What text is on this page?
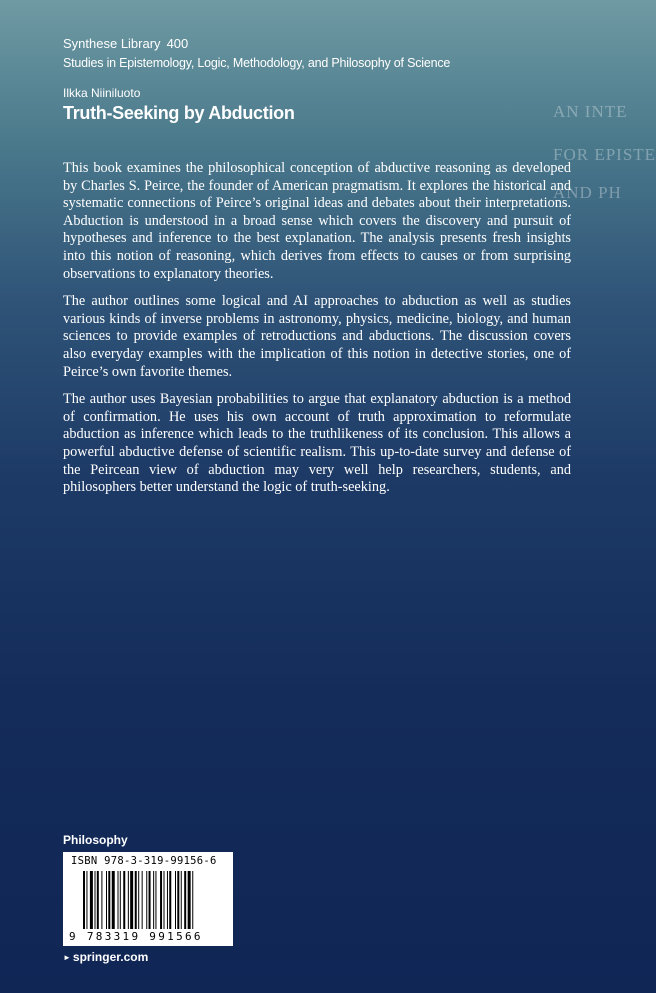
AN INTE
FOR EPISTE
AND PH
Synthese Library 400
Studies in Epistemology, Logic, Methodology, and Philosophy of Science
Ilkka Niiniluoto
Truth-Seeking by Abduction

This book examines the philosophical conception of abductive reasoning as developed by Charles S. Peirce, the founder of American pragmatism. It explores the historical and systematic connections of Peirce’s original ideas and debates about their interpretations. Abduction is understood in a broad sense which covers the discovery and pursuit of hypotheses and inference to the best explanation. The analysis presents fresh insights into this notion of reasoning, which derives from effects to causes or from surprising observations to explanatory theories.

The author outlines some logical and AI approaches to abduction as well as studies various kinds of inverse problems in astronomy, physics, medicine, biology, and human sciences to provide examples of retroductions and abductions. The discussion covers also everyday examples with the implication of this notion in detective stories, one of Peirce’s own favorite themes.

The author uses Bayesian probabilities to argue that explanatory abduction is a method of confirmation. He uses his own account of truth approximation to reformulate abduction as inference which leads to the truthlikeness of its conclusion. This allows a powerful abductive defense of scientific realism. This up-to-date survey and defense of the Peircean view of abduction may very well help researchers, students, and philosophers better understand the logic of truth-seeking.

Philosophy
ISBN 978-3-319-99156-6
9 783319 991566
► springer.com
